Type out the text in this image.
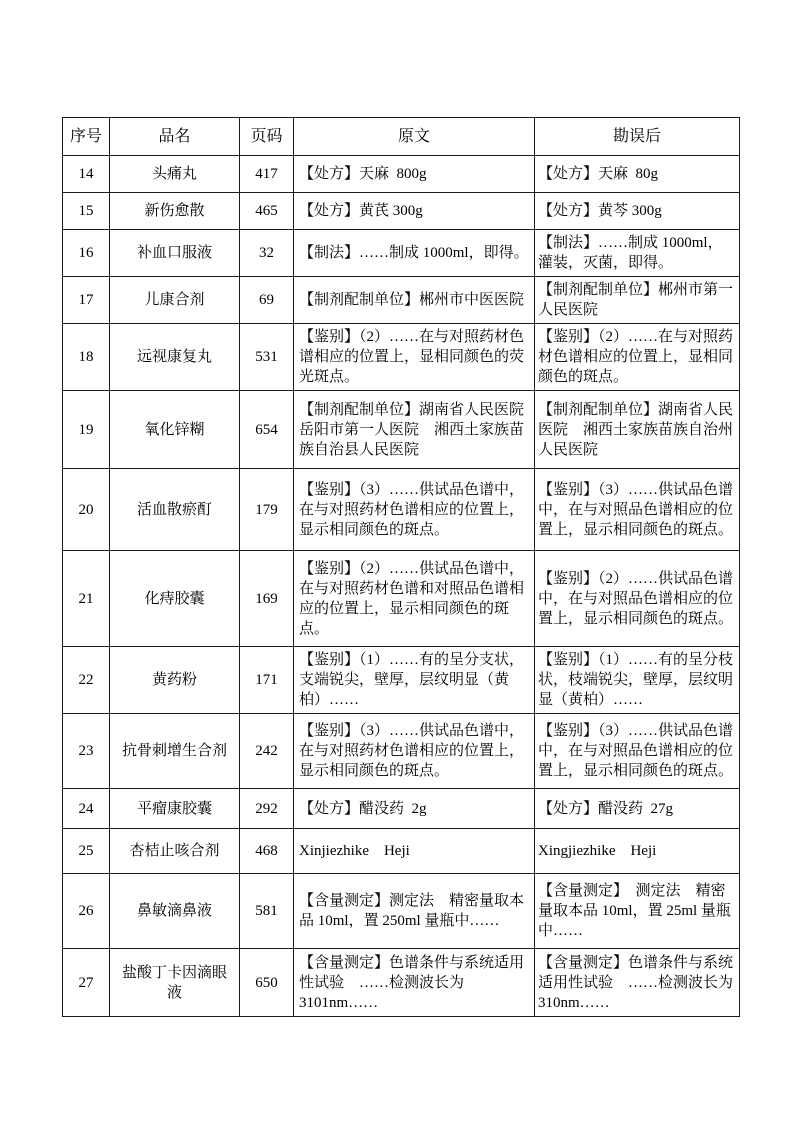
序号	品名	页码	原文	勘误后
14	头痛丸	417	【处方】天麻  800g	【处方】天麻  80g
15	新伤愈散	465	【处方】黄芪 300g	【处方】黄芩 300g
16	补血口服液	32	【制法】……制成 1000ml，即得。	【制法】……制成 1000ml，灌装，灭菌，即得。
17	儿康合剂	69	【制剂配制单位】郴州市中医医院	【制剂配制单位】郴州市第一人民医院
18	远视康复丸	531	【鉴别】（2）……在与对照药材色谱相应的位置上，显相同颜色的荧光斑点。	【鉴别】（2）……在与对照药材色谱相应的位置上，显相同颜色的斑点。
19	氧化锌糊	654	【制剂配制单位】湖南省人民医院岳阳市第一人医院　湘西土家族苗族自治县人民医院	【制剂配制单位】湖南省人民医院　湘西土家族苗族自治州人民医院
20	活血散瘀酊	179	【鉴别】（3）……供试品色谱中，在与对照药材色谱相应的位置上，显示相同颜色的斑点。	【鉴别】（3）……供试品色谱中，在与对照品色谱相应的位置上，显示相同颜色的斑点。
21	化痔胶囊	169	【鉴别】（2）……供试品色谱中，在与对照药材色谱和对照品色谱相应的位置上，显示相同颜色的斑点。	【鉴别】（2）……供试品色谱中，在与对照品色谱相应的位置上，显示相同颜色的斑点。
22	黄药粉	171	【鉴别】（1）……有的呈分支状，支端锐尖，壁厚，层纹明显（黄柏）……	【鉴别】（1）……有的呈分枝状，枝端锐尖，壁厚，层纹明显（黄柏）……
23	抗骨刺增生合剂	242	【鉴别】（3）……供试品色谱中，在与对照药材色谱相应的位置上，显示相同颜色的斑点。	【鉴别】（3）……供试品色谱中，在与对照品色谱相应的位置上，显示相同颜色的斑点。
24	平瘤康胶囊	292	【处方】醋没药  2g	【处方】醋没药  27g
25	杏桔止咳合剂	468	Xinjiezhike　Heji	Xingjiezhike　Heji
26	鼻敏滴鼻液	581	【含量测定】测定法　精密量取本品 10ml，置 250ml 量瓶中……	【含量测定】　测定法　精密量取本品 10ml，置 25ml 量瓶中……
27	盐酸丁卡因滴眼液	650	【含量测定】色谱条件与系统适用性试验　……检测波长为 3101nm……	【含量测定】色谱条件与系统适用性试验　……检测波长为 310nm……
